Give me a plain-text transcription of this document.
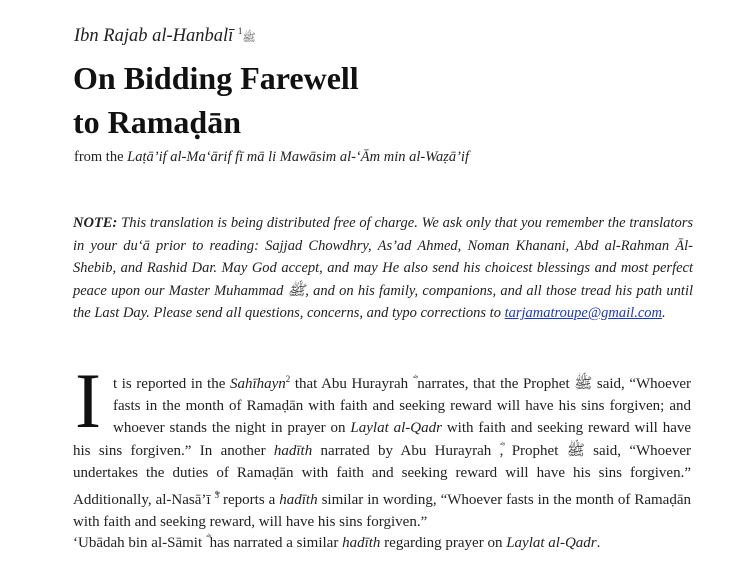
Ibn Rajab al-Hanbalī ﷺ$^1$
On Bidding Farewell
to Ramaḍān
from the Laṭā’if al-Ma‘ārif fī mā li Mawāsim al-‘Ām min al-Waẓā’if

NOTE: This translation is being distributed free of charge. We ask only that you remember the translators in your du‘ā prior to reading: Sajjad Chowdhry, As’ad Ahmed, Noman Khanani, Abd al-Rahman Āl-Shebib, and Rashid Dar. May God accept, and may He also send his choicest blessings and most perfect peace upon our Master Muhammad ﷺ, and on his family, companions, and all those tread his path until the Last Day. Please send all questions, concerns, and typo corrections to tarjamatroupe@gmail.com.

It is reported in the Sahīhayn$^2$ that Abu Hurayrah ؓ narrates, that the Prophet ﷺ said, “Whoever fasts in the month of Ramaḍān with faith and seeking reward will have his sins forgiven; and whoever stands the night in prayer on Laylat al-Qadr with faith and seeking reward will have his sins forgiven.” In another hadīth narrated by Abu Hurayrah ؓ, Prophet ﷺ said, “Whoever undertakes the duties of Ramaḍān with faith and seeking reward will have his sins forgiven.” Additionally, al-Nasā’ī ؓ$^3$ reports a hadīth similar in wording, “Whoever fasts in the month of Ramaḍān with faith and seeking reward, will have his sins forgiven.”

‘Ubādah bin al-Sāmit ؓ has narrated a similar hadīth regarding prayer on Laylat al-Qadr.
